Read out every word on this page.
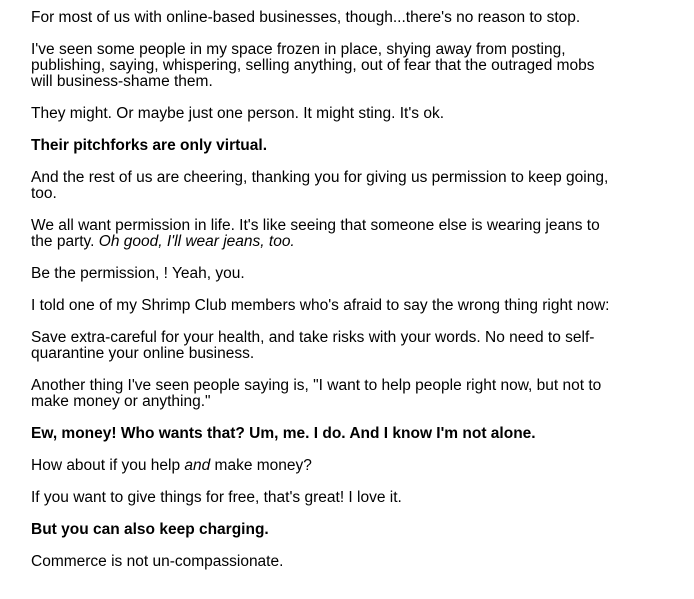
For most of us with online-based businesses, though...there's no reason to stop.

I've seen some people in my space frozen in place, shying away from posting, publishing, saying, whispering, selling anything, out of fear that the outraged mobs will business-shame them.

They might. Or maybe just one person. It might sting. It's ok.

Their pitchforks are only virtual.

And the rest of us are cheering, thanking you for giving us permission to keep going, too.

We all want permission in life. It's like seeing that someone else is wearing jeans to the party. Oh good, I'll wear jeans, too.

Be the permission, ! Yeah, you.

I told one of my Shrimp Club members who's afraid to say the wrong thing right now:

Save extra-careful for your health, and take risks with your words. No need to self-quarantine your online business.

Another thing I've seen people saying is, "I want to help people right now, but not to make money or anything."

Ew, money! Who wants that? Um, me. I do. And I know I'm not alone.

How about if you help and make money?

If you want to give things for free, that's great! I love it.

But you can also keep charging.

Commerce is not un-compassionate.
